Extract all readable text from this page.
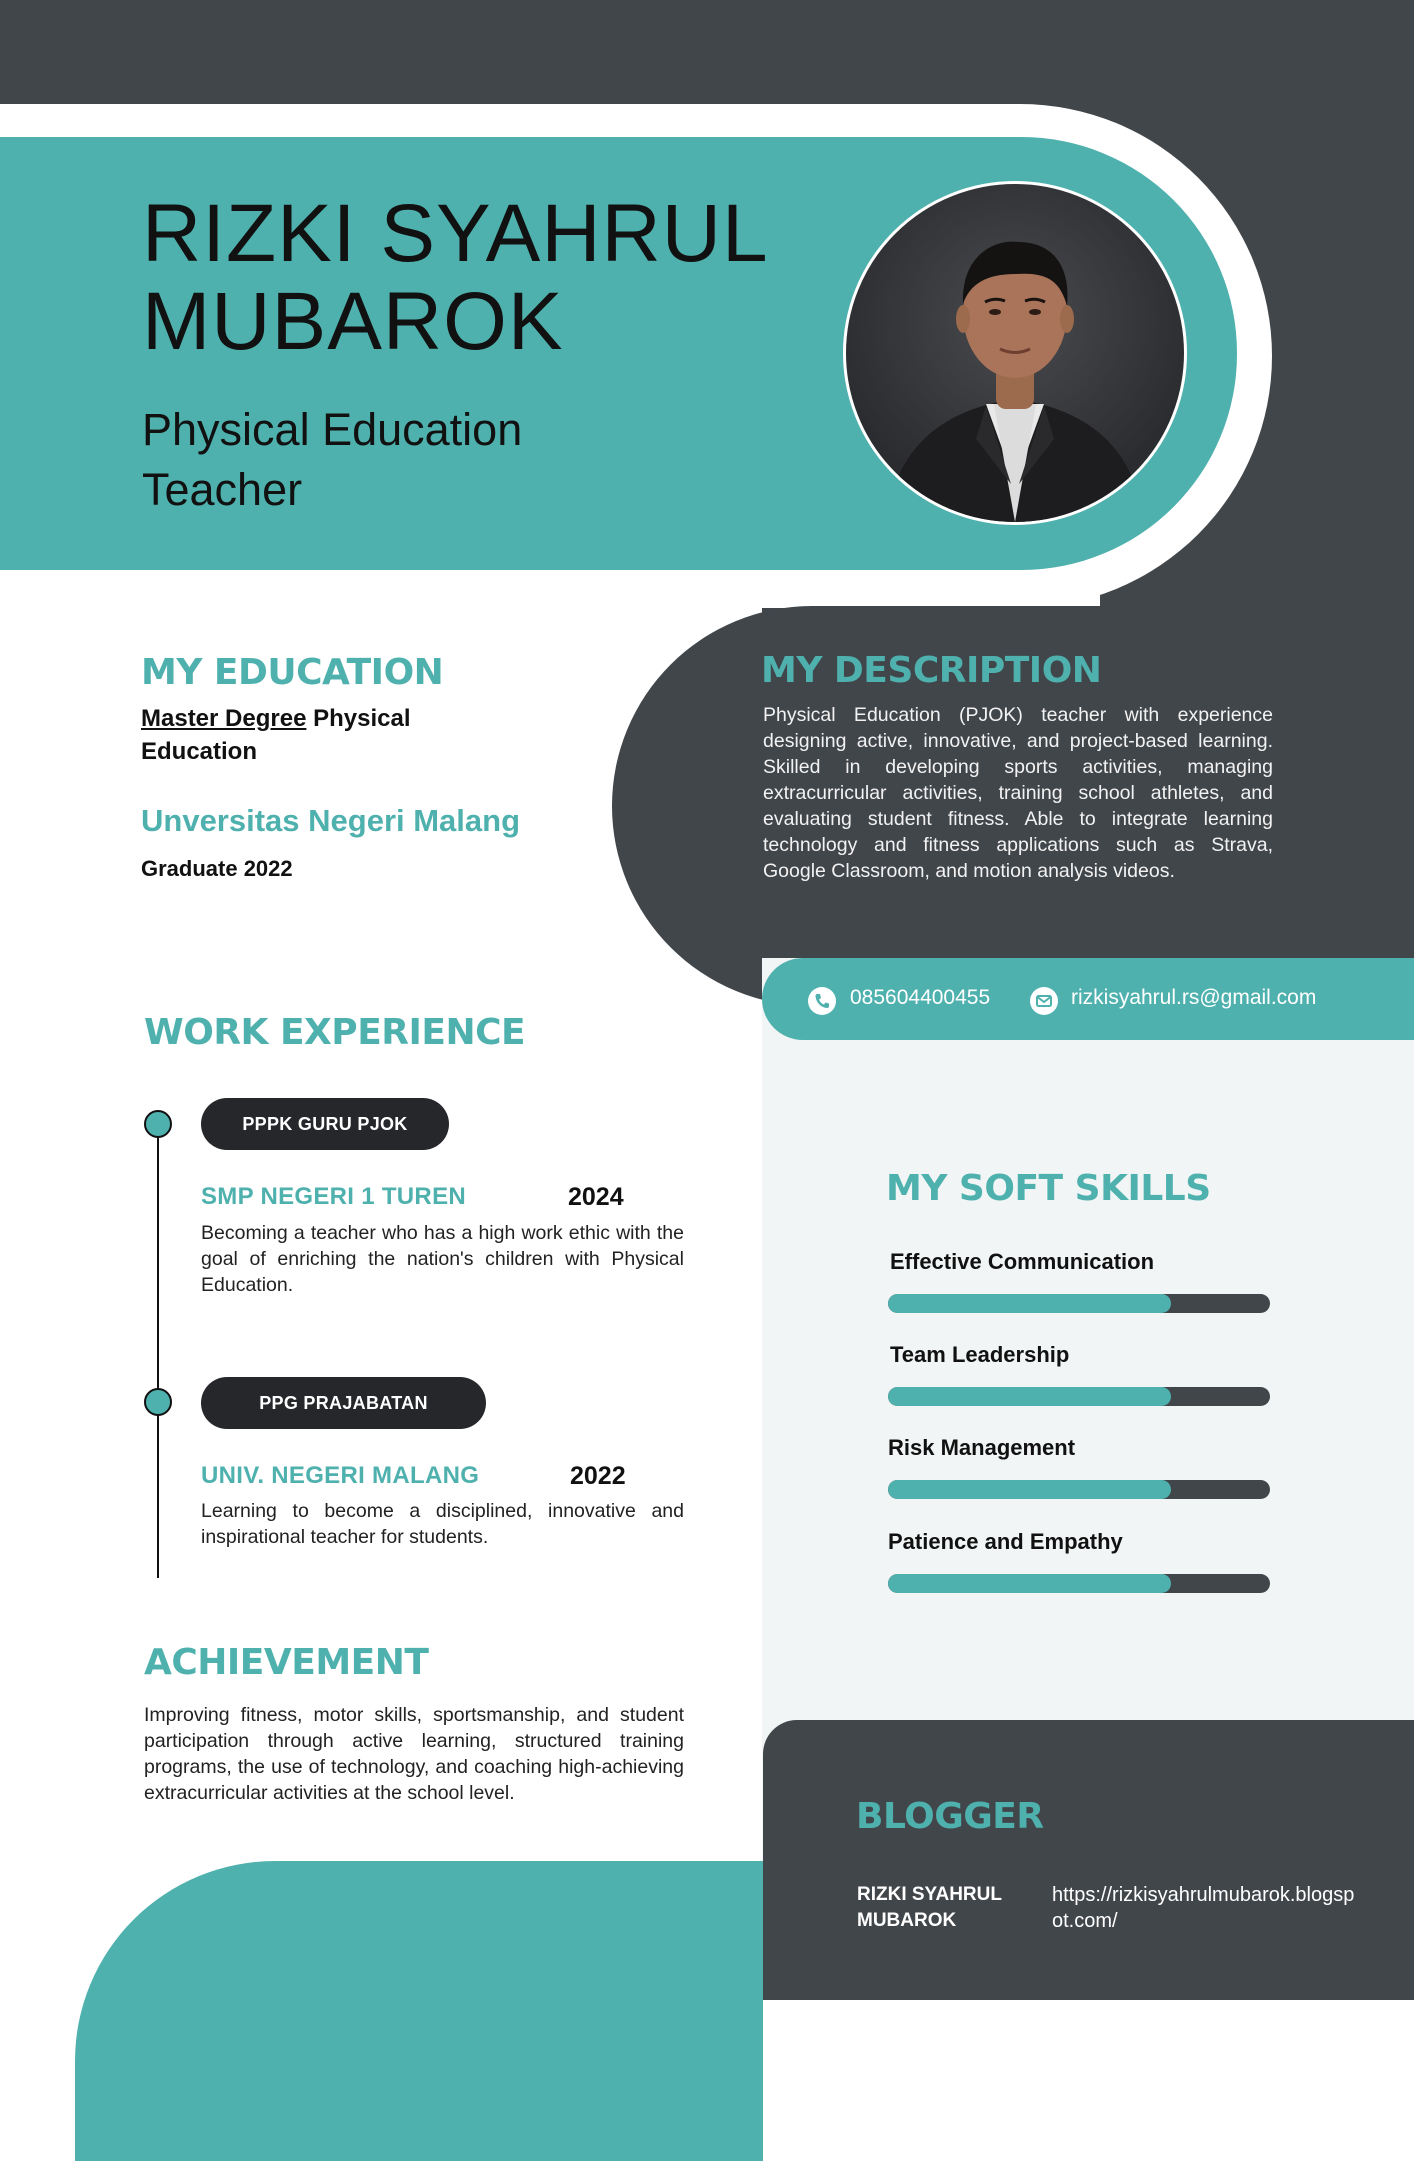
RIZKI SYAHRUL
MUBAROK
Physical Education
Teacher
MY EDUCATION
Master Degree Physical Education
Unversitas Negeri Malang
Graduate 2022
MY DESCRIPTION
Physical Education (PJOK) teacher with experience designing active, innovative, and project-based learning. Skilled in developing sports activities, managing extracurricular activities, training school athletes, and evaluating student fitness. Able to integrate learning technology and fitness applications such as Strava, Google Classroom, and motion analysis videos.
085604400455	rizkisyahrul.rs@gmail.com
WORK EXPERIENCE
PPPK GURU PJOK
SMP NEGERI 1 TUREN	2024
Becoming a teacher who has a high work ethic with the goal of enriching the nation's children with Physical Education.
PPG PRAJABATAN
UNIV. NEGERI MALANG	2022
Learning to become a disciplined, innovative and inspirational teacher for students.
ACHIEVEMENT
Improving fitness, motor skills, sportsmanship, and student participation through active learning, structured training programs, the use of technology, and coaching high-achieving extracurricular activities at the school level.
MY SOFT SKILLS
Effective Communication
Team Leadership
Risk Management
Patience and Empathy
BLOGGER
RIZKI SYAHRUL MUBAROK
https://rizkisyahrulmubarok.blogspot.com/
